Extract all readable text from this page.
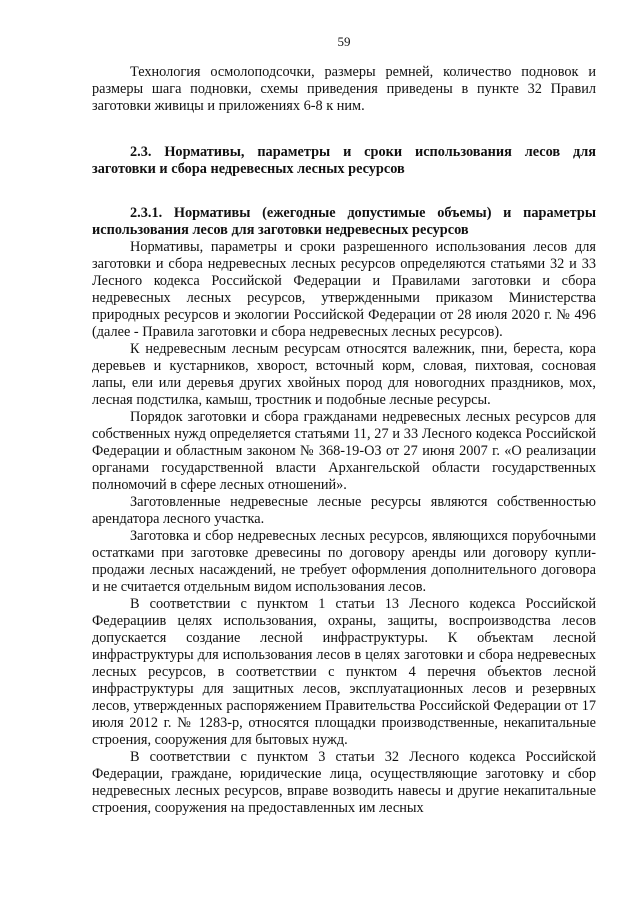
59

Технология осмолоподсочки, размеры ремней, количество подновок и размеры шага подновки, схемы приведения приведены в пункте 32 Правил заготовки живицы и приложениях 6-8 к ним.

2.3. Нормативы, параметры и сроки использования лесов для заготовки и сбора недревесных лесных ресурсов
2.3.1. Нормативы (ежегодные допустимые объемы) и параметры использования лесов для заготовки недревесных ресурсов

Нормативы, параметры и сроки разрешенного использования лесов для заготовки и сбора недревесных лесных ресурсов определяются статьями 32 и 33 Лесного кодекса Российской Федерации и Правилами заготовки и сбора недревесных лесных ресурсов, утвержденными приказом Министерства природных ресурсов и экологии Российской Федерации от 28 июля 2020 г. № 496 (далее - Правила заготовки и сбора недревесных лесных ресурсов).

К недревесным лесным ресурсам относятся валежник, пни, береста, кора деревьев и кустарников, хворост, всточный корм, словая, пихтовая, сосновая лапы, ели или деревья других хвойных пород для новогодних праздников, мох, лесная подстилка, камыш, тростник и подобные лесные ресурсы.

Порядок заготовки и сбора гражданами недревесных лесных ресурсов для собственных нужд определяется статьями 11, 27 и 33 Лесного кодекса Российской Федерации и областным законом № 368-19-ОЗ от 27 июня 2007 г. «О реализации органами государственной власти Архангельской области государственных полномочий в сфере лесных отношений».

Заготовленные недревесные лесные ресурсы являются собственностью арендатора лесного участка.

Заготовка и сбор недревесных лесных ресурсов, являющихся порубочными остатками при заготовке древесины по договору аренды или договору купли-продажи лесных насаждений, не требует оформления дополнительного договора и не считается отдельным видом использования лесов.

В соответствии с пунктом 1 статьи 13 Лесного кодекса Российской Федерациив целях использования, охраны, защиты, воспроизводства лесов допускается создание лесной инфраструктуры. К объектам лесной инфраструктуры для использования лесов в целях заготовки и сбора недревесных лесных ресурсов, в соответствии с пунктом 4 перечня объектов лесной инфраструктуры для защитных лесов, эксплуатационных лесов и резервных лесов, утвержденных распоряжением Правительства Российской Федерации от 17 июля 2012 г. № 1283-р, относятся площадки производственные, некапитальные строения, сооружения для бытовых нужд.

В соответствии с пунктом 3 статьи 32 Лесного кодекса Российской Федерации, граждане, юридические лица, осуществляющие заготовку и сбор недревесных лесных ресурсов, вправе возводить навесы и другие некапитальные строения, сооружения на предоставленных им лесных
